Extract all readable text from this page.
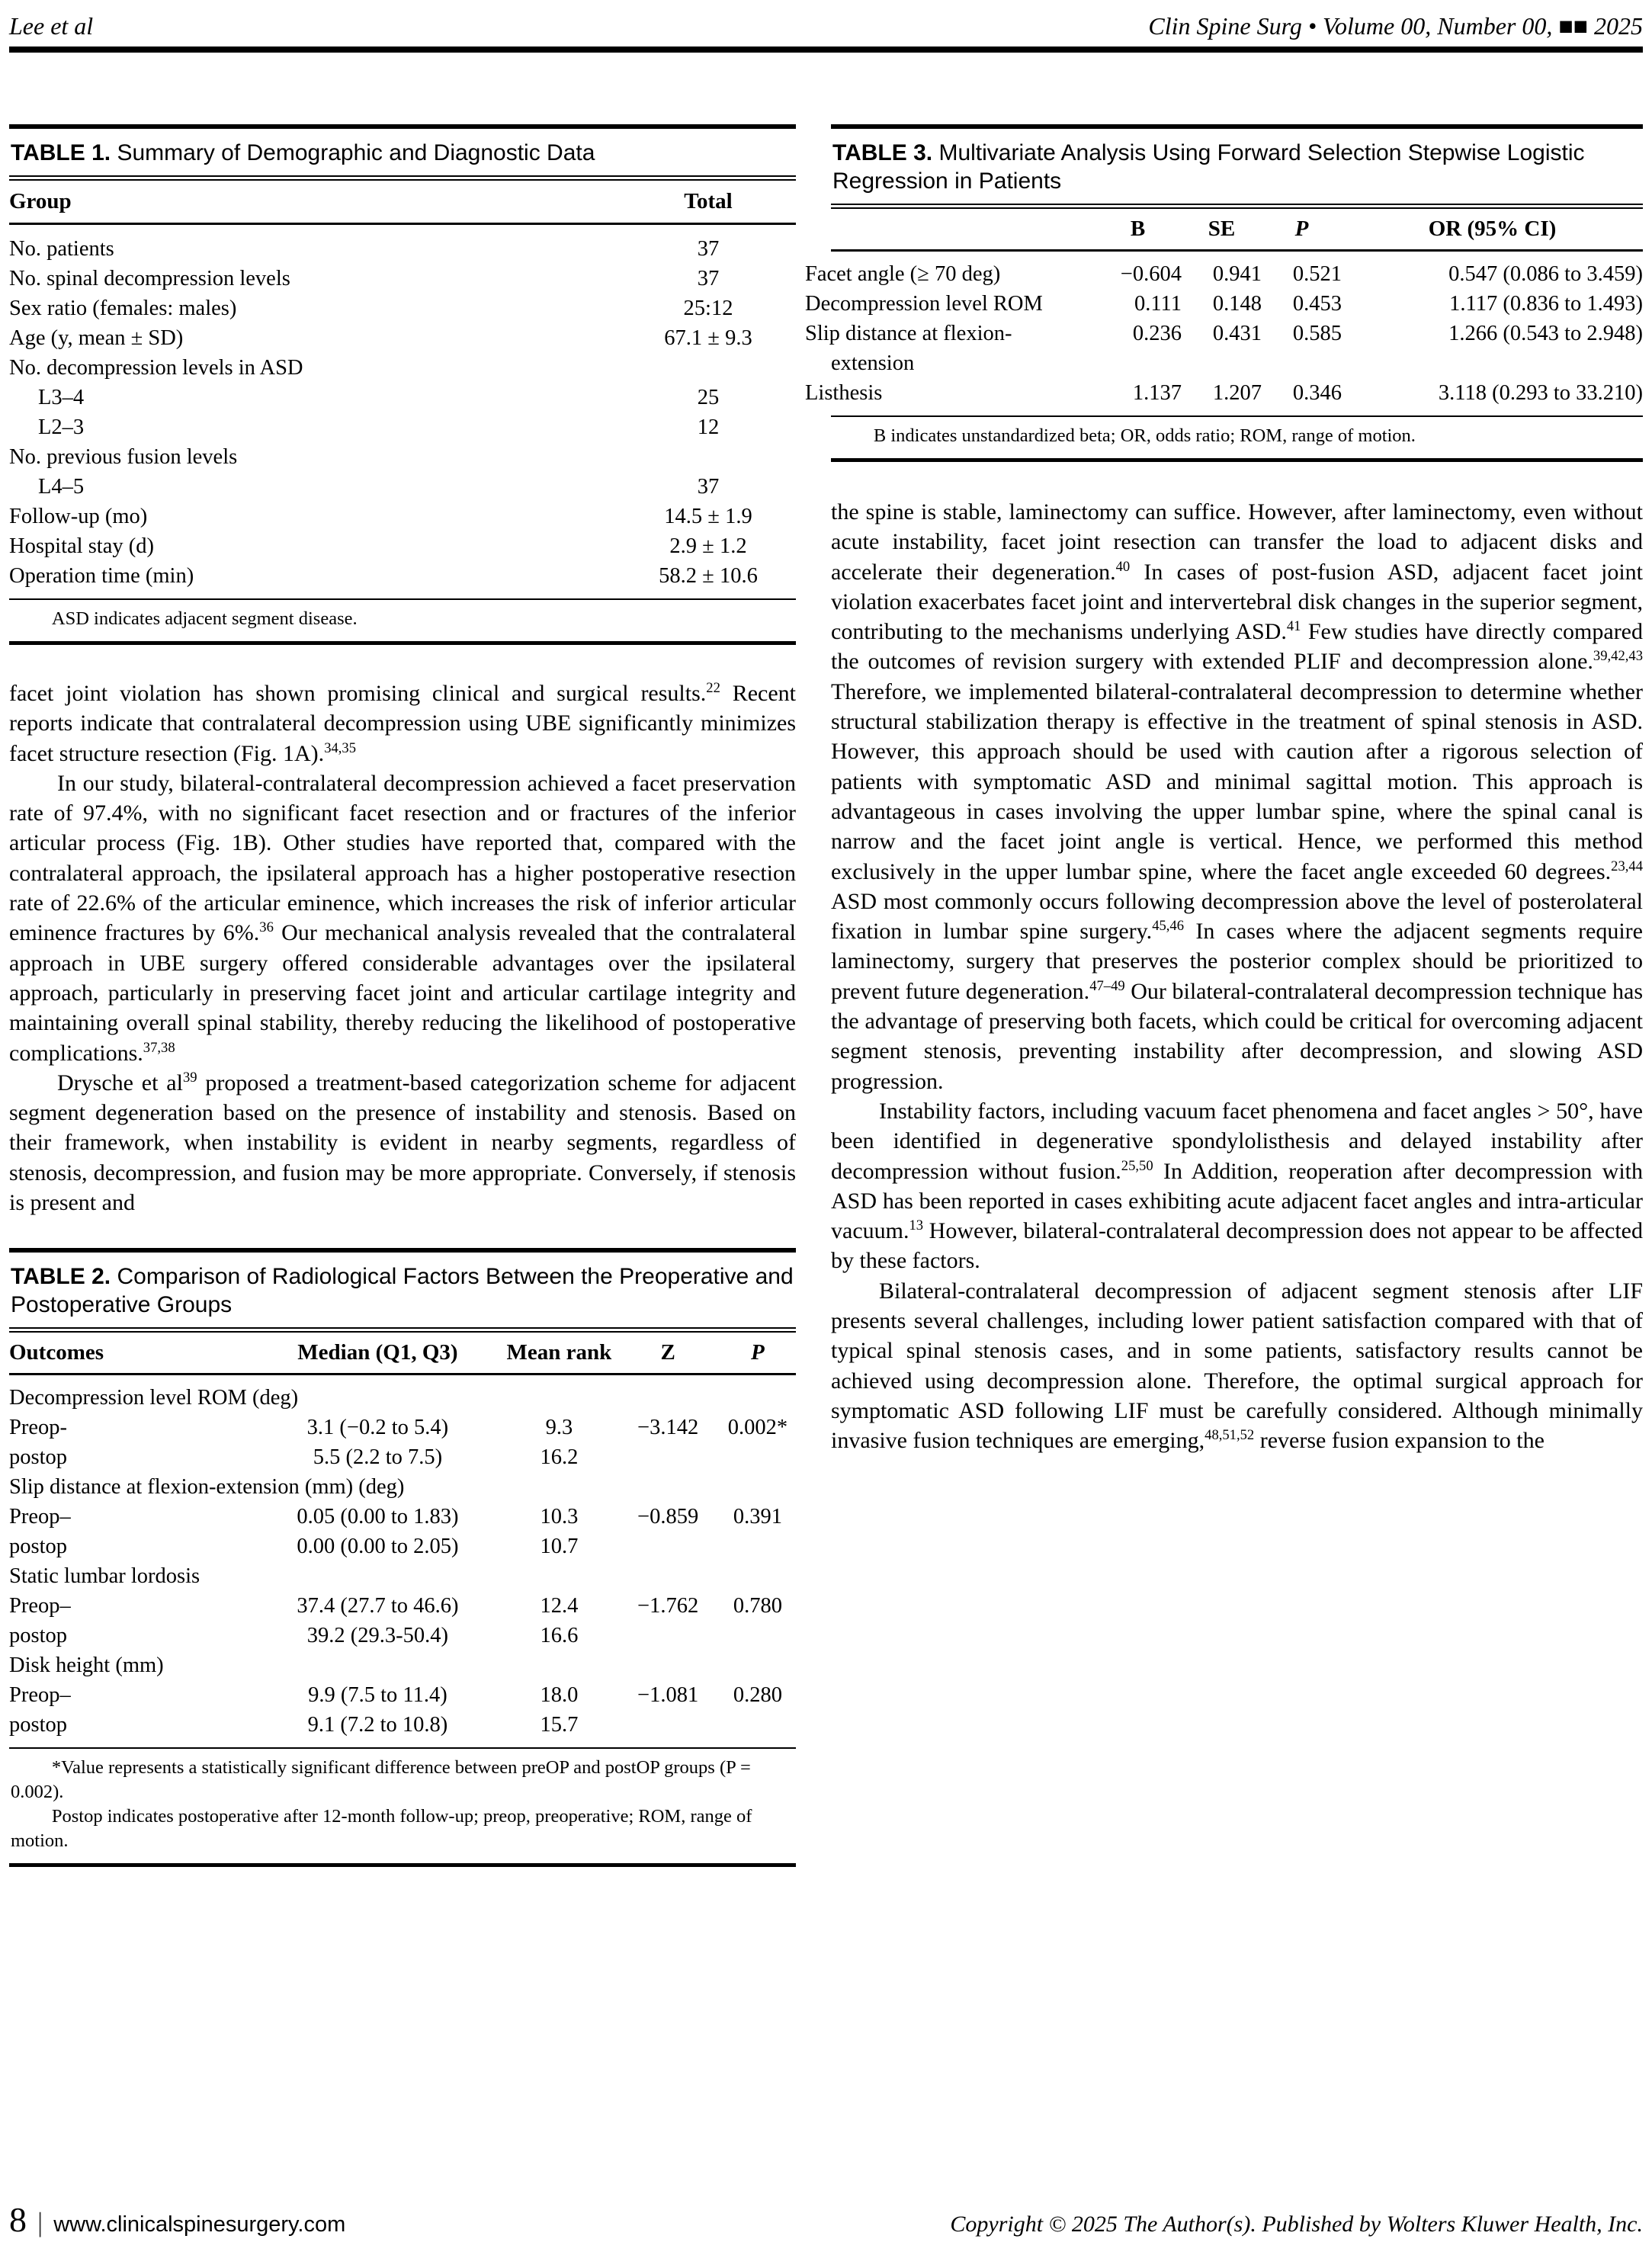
Lee et al	Clin Spine Surg • Volume 00, Number 00, ■■ 2025
TABLE 1. Summary of Demographic and Diagnostic Data
Group	Total
No. patients	37
No. spinal decompression levels	37
Sex ratio (females: males)	25:12
Age (y, mean ± SD)	67.1 ± 9.3
No. decompression levels in ASD
L3–4	25
L2–3	12
No. previous fusion levels
L4–5	37
Follow-up (mo)	14.5 ± 1.9
Hospital stay (d)	2.9 ± 1.2
Operation time (min)	58.2 ± 10.6

ASD indicates adjacent segment disease.

facet joint violation has shown promising clinical and surgical results.$^{22}$ Recent reports indicate that contralateral decompression using UBE significantly minimizes facet structure resection (Fig. 1A).$^{34,35}$

In our study, bilateral-contralateral decompression achieved a facet preservation rate of 97.4%, with no significant facet resection and or fractures of the inferior articular process (Fig. 1B). Other studies have reported that, compared with the contralateral approach, the ipsilateral approach has a higher postoperative resection rate of 22.6% of the articular eminence, which increases the risk of inferior articular eminence fractures by 6%.$^{36}$ Our mechanical analysis revealed that the contralateral approach in UBE surgery offered considerable advantages over the ipsilateral approach, particularly in preserving facet joint and articular cartilage integrity and maintaining overall spinal stability, thereby reducing the likelihood of postoperative complications.$^{37,38}$

Drysche et $al^{39}$ proposed a treatment-based categorization scheme for adjacent segment degeneration based on the presence of instability and stenosis. Based on their framework, when instability is evident in nearby segments, regardless of stenosis, decompression, and fusion may be more appropriate. Conversely, if stenosis is present and

TABLE 2. Comparison of Radiological Factors Between the Preoperative and Postoperative Groups
Outcomes	Median (Q1, Q3)	Mean rank	Z	P
Decompression level ROM (deg)				
Preop-	3.1 (−0.2 to 5.4)	9.3	−3.142	0.002*
postop	5.5 (2.2 to 7.5)	16.2		
Slip distance at flexion-extension (mm) (deg)				
Preop–	0.05 (0.00 to 1.83)	10.3	−0.859	0.391
postop	0.00 (0.00 to 2.05)	10.7		
Static lumbar lordosis				
Preop–	37.4 (27.7 to 46.6)	12.4	−1.762	0.780
postop	39.2 (29.3-50.4)	16.6		
Disk height (mm)				
Preop–	9.9 (7.5 to 11.4)	18.0	−1.081	0.280
postop	9.1 (7.2 to 10.8)	15.7		

*Value represents a statistically significant difference between preOP and postOP groups (P = 0.002).

Postop indicates postoperative after 12-month follow-up; preop, preoperative; ROM, range of motion.

TABLE 3. Multivariate Analysis Using Forward Selection Stepwise Logistic Regression in Patients
	B	SE	P	OR (95% CI)
Facet angle (≥ 70 deg)	−0.604	0.941	0.521	0.547 (0.086 to 3.459)
Decompression level ROM	0.111	0.148	0.453	1.117 (0.836 to 1.493)
Slip distance at flexion-extension	0.236	0.431	0.585	1.266 (0.543 to 2.948)
Listhesis	1.137	1.207	0.346	3.118 (0.293 to 33.210)

B indicates unstandardized beta; OR, odds ratio; ROM, range of motion.

the spine is stable, laminectomy can suffice. However, after laminectomy, even without acute instability, facet joint resection can transfer the load to adjacent disks and accelerate their degeneration.$^{40}$ In cases of post-fusion ASD, adjacent facet joint violation exacerbates facet joint and intervertebral disk changes in the superior segment, contributing to the mechanisms underlying ASD.$^{41}$ Few studies have directly compared the outcomes of revision surgery with extended PLIF and decompression alone.$^{39,42,43}$ Therefore, we implemented bilateral-contralateral decompression to determine whether structural stabilization therapy is effective in the treatment of spinal stenosis in ASD. However, this approach should be used with caution after a rigorous selection of patients with symptomatic ASD and minimal sagittal motion. This approach is advantageous in cases involving the upper lumbar spine, where the spinal canal is narrow and the facet joint angle is vertical. Hence, we performed this method exclusively in the upper lumbar spine, where the facet angle exceeded 60 degrees.$^{23,44}$ ASD most commonly occurs following decompression above the level of posterolateral fixation in lumbar spine surgery.$^{45,46}$ In cases where the adjacent segments require laminectomy, surgery that preserves the posterior complex should be prioritized to prevent future degeneration.$^{47-49}$ Our bilateral-contralateral decompression technique has the advantage of preserving both facets, which could be critical for overcoming adjacent segment stenosis, preventing instability after decompression, and slowing ASD progression.

Instability factors, including vacuum facet phenomena and facet angles > 50°, have been identified in degenerative spondylolisthesis and delayed instability after decompression without fusion.$^{25,50}$ In Addition, reoperation after decompression with ASD has been reported in cases exhibiting acute adjacent facet angles and intra-articular vacuum.$^{13}$ However, bilateral-contralateral decompression does not appear to be affected by these factors.

Bilateral-contralateral decompression of adjacent segment stenosis after LIF presents several challenges, including lower patient satisfaction compared with that of typical spinal stenosis cases, and in some patients, satisfactory results cannot be achieved using decompression alone. Therefore, the optimal surgical approach for symptomatic ASD following LIF must be carefully considered. Although minimally invasive fusion techniques are emerging,$^{48,51,52}$ reverse fusion expansion to the

8 | www.clinicalspinesurgery.com	Copyright © 2025 The Author(s). Published by Wolters Kluwer Health, Inc.
